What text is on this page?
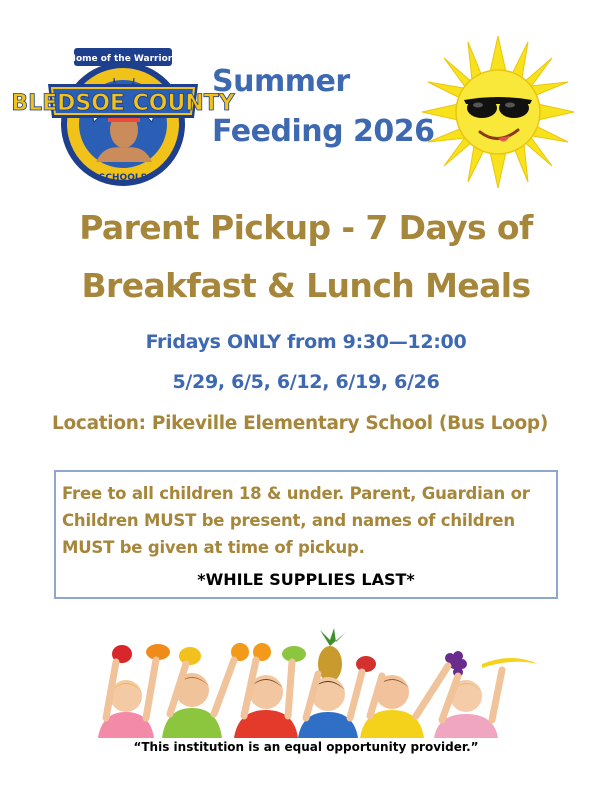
BLEDSOE COUNTY
Home of the Warriors
SCHOOLS
Summer
Feeding 2026
Parent Pickup - 7 Days of
Breakfast & Lunch Meals
Fridays ONLY from 9:30—12:00
5/29, 6/5, 6/12, 6/19, 6/26
Location: Pikeville Elementary School (Bus Loop)
Free to all children 18 & under. Parent, Guardian or Children MUST be present, and names of children MUST be given at time of pickup.
*WHILE SUPPLIES LAST*
“This institution is an equal opportunity provider.”
